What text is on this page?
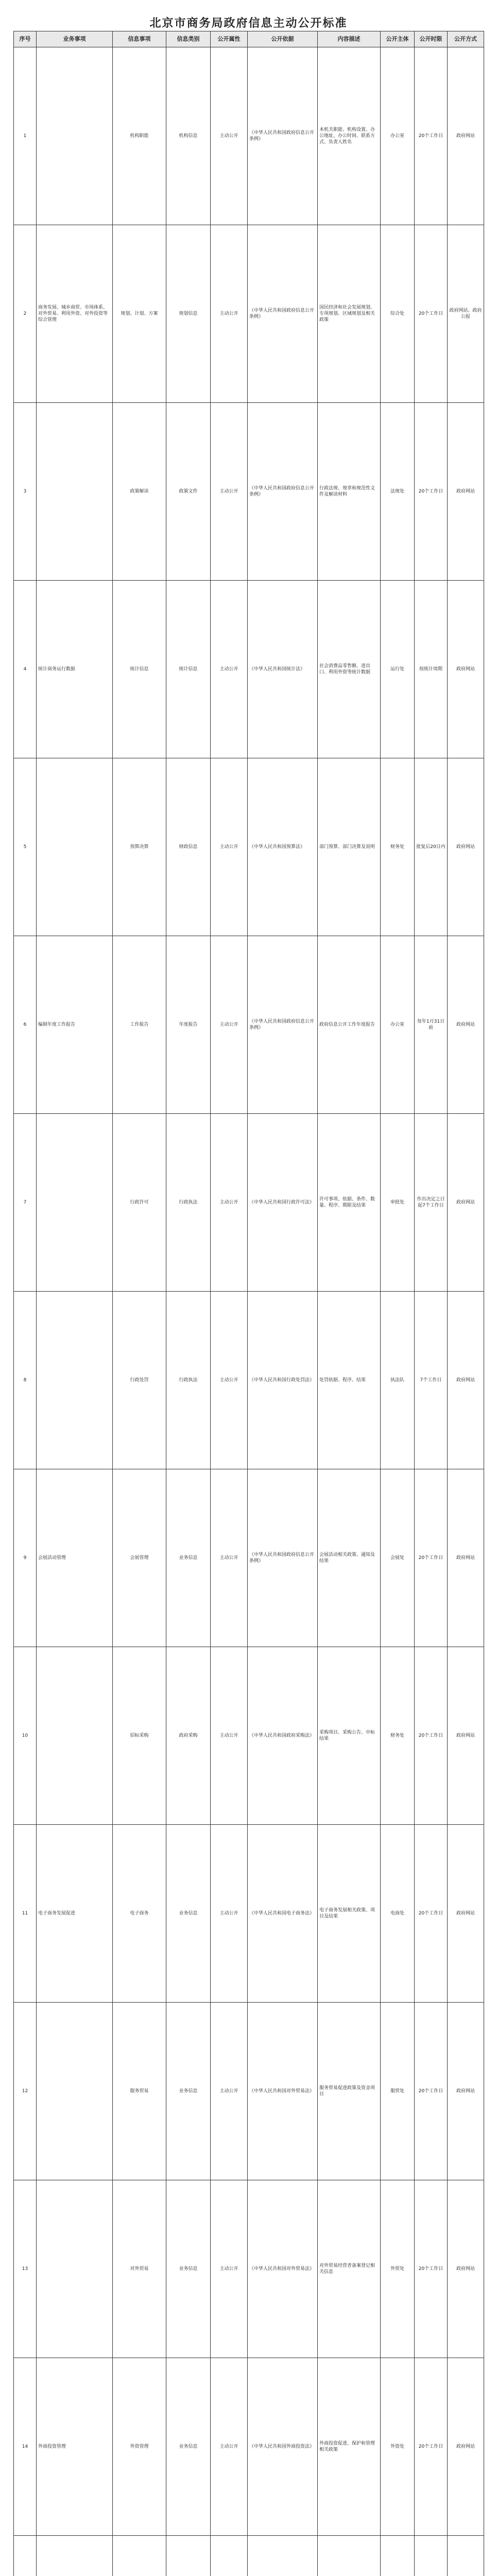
北京市商务局政府信息主动公开标准
序号	业务事项	信息事项	信息类别	公开属性	公开依据	内容描述	公开主体	公开时限	公开方式
1		机构职能	机构信息	主动公开	《中华人民共和国政府信息公开条例》	本机关职能、机构设置、办公地址、办公时间、联系方式、负责人姓名	办公室	20个工作日	政府网站
2	商务发展、城乡商贸、市场体系、对外贸易、利用外资、对外投资等综合管理	规划、计划、方案	规划信息	主动公开	《中华人民共和国政府信息公开条例》	国民经济和社会发展规划、专项规划、区域规划及相关政策	综合处	20个工作日	政府网站、政府公报
3		政策解读	政策文件	主动公开	《中华人民共和国政府信息公开条例》	行政法规、规章和规范性文件及解读材料	法规处	20个工作日	政府网站
4	统计商务运行数据	统计信息	统计信息	主动公开	《中华人民共和国统计法》	社会消费品零售额、进出口、利用外资等统计数据	运行处	按统计周期	政府网站
5		预算决算	财政信息	主动公开	《中华人民共和国预算法》	部门预算、部门决算及说明	财务处	批复后20日内	政府网站
6	编制年度工作报告	工作报告	年度报告	主动公开	《中华人民共和国政府信息公开条例》	政府信息公开工作年度报告	办公室	每年1月31日前	政府网站
7		行政许可	行政执法	主动公开	《中华人民共和国行政许可法》	许可事项、依据、条件、数量、程序、期限及结果	审批处	作出决定之日起7个工作日	政府网站
8		行政处罚	行政执法	主动公开	《中华人民共和国行政处罚法》	处罚依据、程序、结果	执法队	7个工作日	政府网站
9	会展活动管理	会展管理	业务信息	主动公开	《中华人民共和国政府信息公开条例》	会展活动相关政策、通知及结果	会展处	20个工作日	政府网站
10		招标采购	政府采购	主动公开	《中华人民共和国政府采购法》	采购项目、采购公告、中标结果	财务处	20个工作日	政府网站
11	电子商务发展促进	电子商务	业务信息	主动公开	《中华人民共和国电子商务法》	电子商务发展相关政策、项目及结果	电商处	20个工作日	政府网站
12		服务贸易	业务信息	主动公开	《中华人民共和国对外贸易法》	服务贸易促进政策及资金项目	服贸处	20个工作日	政府网站
13		对外贸易	业务信息	主动公开	《中华人民共和国对外贸易法》	对外贸易经营者备案登记相关信息	外贸处	20个工作日	政府网站
14	外商投资管理	外资管理	业务信息	主动公开	《中华人民共和国外商投资法》	外商投资促进、保护和管理相关政策	外资处	20个工作日	政府网站
